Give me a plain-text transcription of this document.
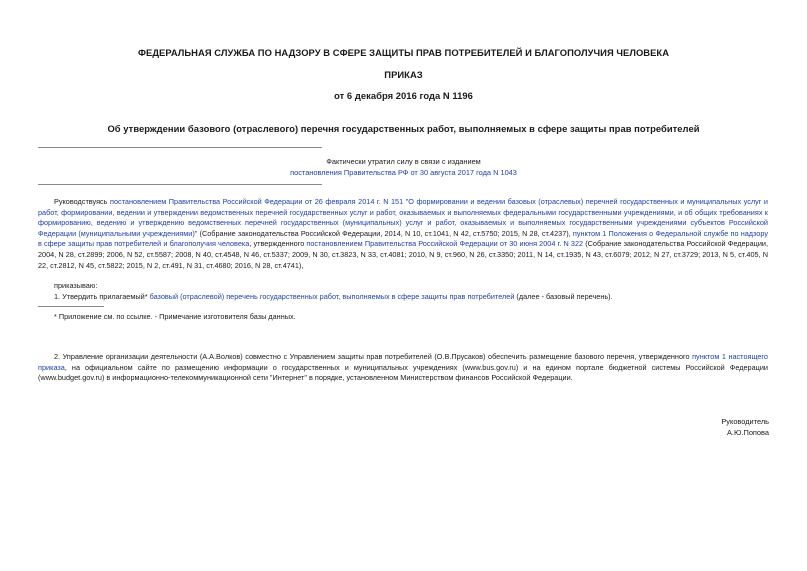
ФЕДЕРАЛЬНАЯ СЛУЖБА ПО НАДЗОРУ В СФЕРЕ ЗАЩИТЫ ПРАВ ПОТРЕБИТЕЛЕЙ И БЛАГОПОЛУЧИЯ ЧЕЛОВЕКА
ПРИКАЗ
от 6 декабря 2016 года N 1196
Об утверждении базового (отраслевого) перечня государственных работ, выполняемых в сфере защиты прав потребителей
Фактически утратил силу в связи с изданием
постановления Правительства РФ от 30 августа 2017 года N 1043
Руководствуясь постановлением Правительства Российской Федерации от 26 февраля 2014 г. N 151 "О формировании и ведении базовых (отраслевых) перечней государственных и муниципальных услуг и работ, формировании, ведении и утверждении ведомственных перечней государственных услуг и работ, оказываемых и выполняемых федеральными государственными учреждениями, и об общих требованиях к формированию, ведению и утверждению ведомственных перечней государственных (муниципальных) услуг и работ, оказываемых и выполняемых государственными учреждениями субъектов Российской Федерации (муниципальными учреждениями)" (Собрание законодательства Российской Федерации, 2014, N 10, ст.1041, N 42, ст.5750; 2015, N 28, ст.4237), пунктом 1 Положения о Федеральной службе по надзору в сфере защиты прав потребителей и благополучия человека, утвержденного постановлением Правительства Российской Федерации от 30 июня 2004 г. N 322 (Собрание законодательства Российской Федерации, 2004, N 28, ст.2899; 2006, N 52, ст.5587; 2008, N 40, ст.4548, N 46, ст.5337; 2009, N 30, ст.3823, N 33, ст.4081; 2010, N 9, ст.960, N 26, ст.3350; 2011, N 14, ст.1935, N 43, ст.6079; 2012, N 27, ст.3729; 2013, N 5, ст.405, N 22, ст.2812, N 45, ст.5822; 2015, N 2, ст.491, N 31, ст.4680; 2016, N 28, ст.4741),
приказываю:
1. Утвердить прилагаемый* базовый (отраслевой) перечень государственных работ, выполняемых в сфере защиты прав потребителей (далее - базовый перечень).
* Приложение см. по ссылке. - Примечание изготовителя базы данных.
2. Управление организации деятельности (А.А.Волков) совместно с Управлением защиты прав потребителей (О.В.Прусаков) обеспечить размещение базового перечня, утвержденного пунктом 1 настоящего приказа, на официальном сайте по размещению информации о государственных и муниципальных учреждениях (www.bus.gov.ru) и на едином портале бюджетной системы Российской Федерации (www.budget.gov.ru) в информационно-телекоммуникационной сети "Интернет" в порядке, установленном Министерством финансов Российской Федерации.
Руководитель
А.Ю.Попова
